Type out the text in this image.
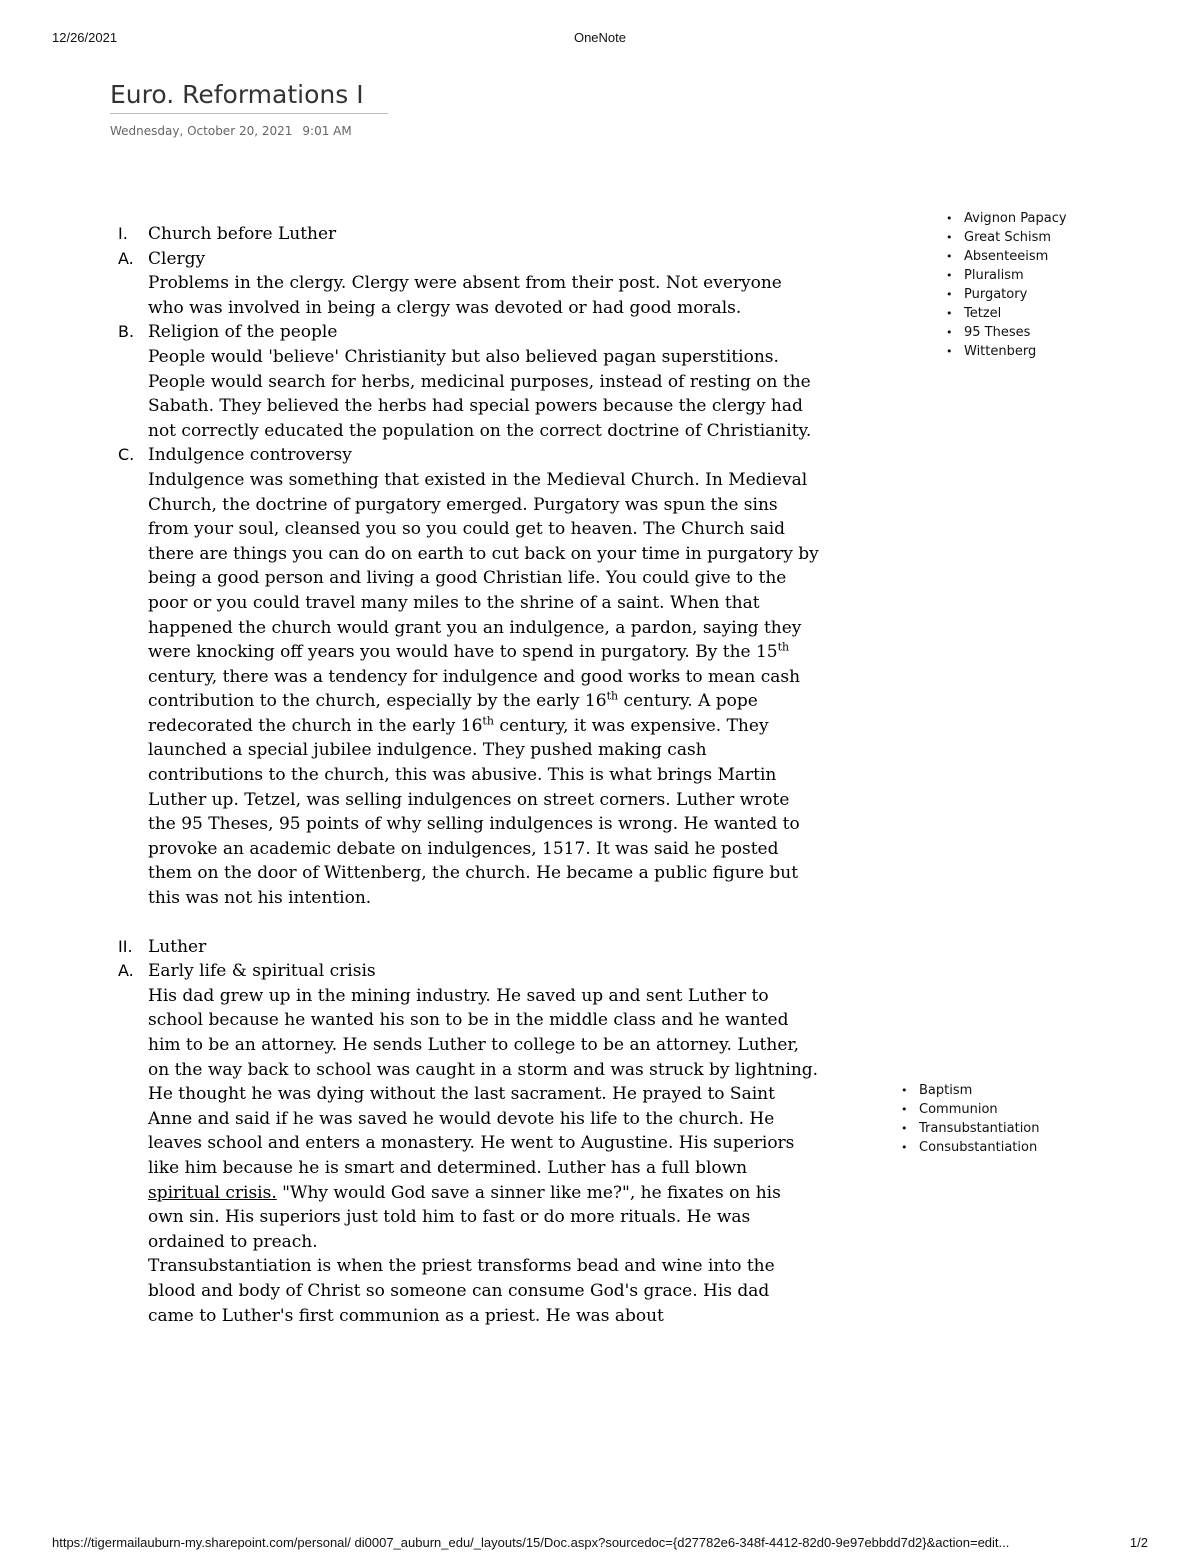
12/26/2021	OneNote
Euro. Reformations I
Wednesday, October 20, 2021 9:01 AM
I.	Church before Luther
A. Clergy
Problems in the clergy. Clergy were absent from their post. Not everyone who was involved in being a clergy was devoted or had good morals.
B. Religion of the people
People would 'believe' Christianity but also believed pagan superstitions. People would search for herbs, medicinal purposes, instead of resting on the Sabath. They believed the herbs had special powers because the clergy had not correctly educated the population on the correct doctrine of Christianity.
C. Indulgence controversy
Indulgence was something that existed in the Medieval Church. In Medieval Church, the doctrine of purgatory emerged. Purgatory was spun the sins from your soul, cleansed you so you could get to heaven. The Church said there are things you can do on earth to cut back on your time in purgatory by being a good person and living a good Christian life. You could give to the poor or you could travel many miles to the shrine of a saint. When that happened the church would grant you an indulgence, a pardon, saying they were knocking off years you would have to spend in purgatory. By the 15th century, there was a tendency for indulgence and good works to mean cash contribution to the church, especially by the early 16th century. A pope redecorated the church in the early 16th century, it was expensive. They launched a special jubilee indulgence. They pushed making cash contributions to the church, this was abusive. This is what brings Martin Luther up. Tetzel, was selling indulgences on street corners. Luther wrote the 95 Theses, 95 points of why selling indulgences is wrong. He wanted to provoke an academic debate on indulgences, 1517. It was said he posted them on the door of Wittenberg, the church. He became a public figure but this was not his intention.
II. Luther
A. Early life & spiritual crisis
His dad grew up in the mining industry. He saved up and sent Luther to school because he wanted his son to be in the middle class and he wanted him to be an attorney. He sends Luther to college to be an attorney. Luther, on the way back to school was caught in a storm and was struck by lightning. He thought he was dying without the last sacrament. He prayed to Saint Anne and said if he was saved he would devote his life to the church. He leaves school and enters a monastery. He went to Augustine. His superiors like him because he is smart and determined. Luther has a full blown spiritual crisis. "Why would God save a sinner like me?", he fixates on his own sin. His superiors just told him to fast or do more rituals. He was ordained to preach.
Transubstantiation is when the priest transforms bead and wine into the blood and body of Christ so someone can consume God's grace. His dad came to Luther's first communion as a priest. He was about
• Avignon Papacy
• Great Schism
• Absenteeism
• Pluralism
• Purgatory
• Tetzel
• 95 Theses
• Wittenberg
• Baptism
• Communion
• Transubstantiation
• Consubstantiation
https://tigermailauburn-my.sharepoint.com/personal/ di0007_auburn_edu/_layouts/15/Doc.aspx?sourcedoc={d27782e6-348f-4412-82d0-9e97ebbdd7d2}&action=edit...	1/2
